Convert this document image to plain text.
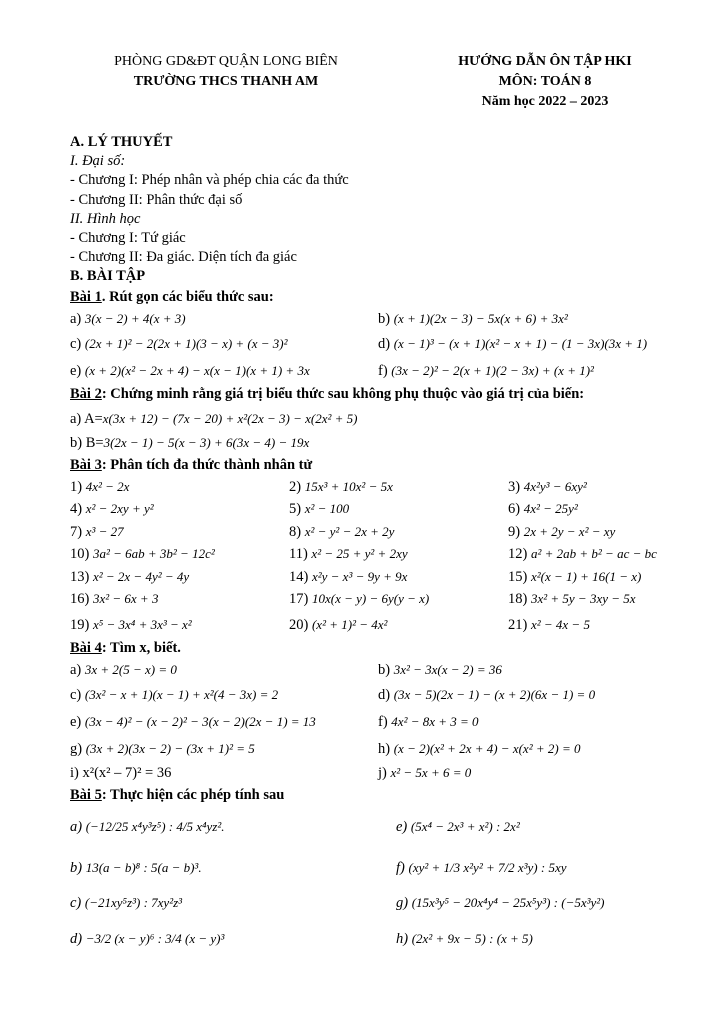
PHÒNG GD&ĐT QUẬN LONG BIÊN
TRƯỜNG THCS THANH AM
HƯỚNG DẪN ÔN TẬP HKI
MÔN: TOÁN 8
Năm học 2022 – 2023
A. LÝ THUYẾT
I. Đại số:
- Chương I: Phép nhân và phép chia các đa thức
- Chương II: Phân thức đại số
II. Hình học
- Chương I: Tứ giác
- Chương II: Đa giác. Diện tích đa giác
B. BÀI TẬP
Bài 1. Rút gọn các biểu thức sau:
a) 3(x − 2) + 4(x + 3)	b) (x + 1)(2x − 3) − 5x(x + 6) + 3x²
c) (2x + 1)² − 2(2x + 1)(3 − x) + (x − 3)²	d) (x − 1)³ − (x + 1)(x² − x + 1) − (1 − 3x)(3x + 1)
e) (x + 2)(x² − 2x + 4) − x(x − 1)(x + 1) + 3x	f) (3x − 2)² − 2(x + 1)(2 − 3x) + (x + 1)²
Bài 2: Chứng minh rằng giá trị biểu thức sau không phụ thuộc vào giá trị của biến:
a) A=x(3x + 12) − (7x − 20) + x²(2x − 3) − x(2x² + 5)
b) B=3(2x − 1) − 5(x − 3) + 6(3x − 4) − 19x
Bài 3: Phân tích đa thức thành nhân tử
1) 4x² − 2x	2) 15x³ + 10x² − 5x	3) 4x²y³ − 6xy²
4) x² − 2xy + y²	5) x² − 100	6) 4x² − 25y²
7) x³ − 27	8) x² − y² − 2x + 2y	9) 2x + 2y − x² − xy
10) 3a² − 6ab + 3b² − 12c²	11) x² − 25 + y² + 2xy	12) a² + 2ab + b² − ac − bc
13) x² − 2x − 4y² − 4y	14) x²y − x³ − 9y + 9x	15) x²(x − 1) + 16(1 − x)
16) 3x² − 6x + 3	17) 10x(x − y) − 6y(y − x)	18) 3x² + 5y − 3xy − 5x
19) x⁵ − 3x⁴ + 3x³ − x²	20) (x² + 1)² − 4x²	21) x² − 4x − 5
Bài 4: Tìm x, biết.
a) 3x + 2(5 − x) = 0	b) 3x² − 3x(x − 2) = 36
c) (3x² − x + 1)(x − 1) + x²(4 − 3x) = 2	d) (3x − 5)(2x − 1) − (x + 2)(6x − 1) = 0
e) (3x − 4)² − (x − 2)² − 3(x − 2)(2x − 1) = 13	f) 4x² − 8x + 3 = 0
g) (3x + 2)(3x − 2) − (3x + 1)² = 5	h) (x − 2)(x² + 2x + 4) − x(x² + 2) = 0
i) x²(x² – 7)² = 36	j) x² − 5x + 6 = 0
Bài 5: Thực hiện các phép tính sau
a) (−12/25 x⁴y³z⁵) : 4/5 x⁴yz².	e) (5x⁴ − 2x³ + x²) : 2x²
b) 13(a − b)⁸ : 5(a − b)³.	f) (xy² + 1/3 x²y² + 7/2 x³y) : 5xy
c) (−21xy⁵z³) : 7xy²z³	g) (15x³y⁵ − 20x⁴y⁴ − 25x⁵y³) : (−5x³y²)
d) −3/2 (x − y)⁶ : 3/4 (x − y)³	h) (2x² + 9x − 5) : (x + 5)
